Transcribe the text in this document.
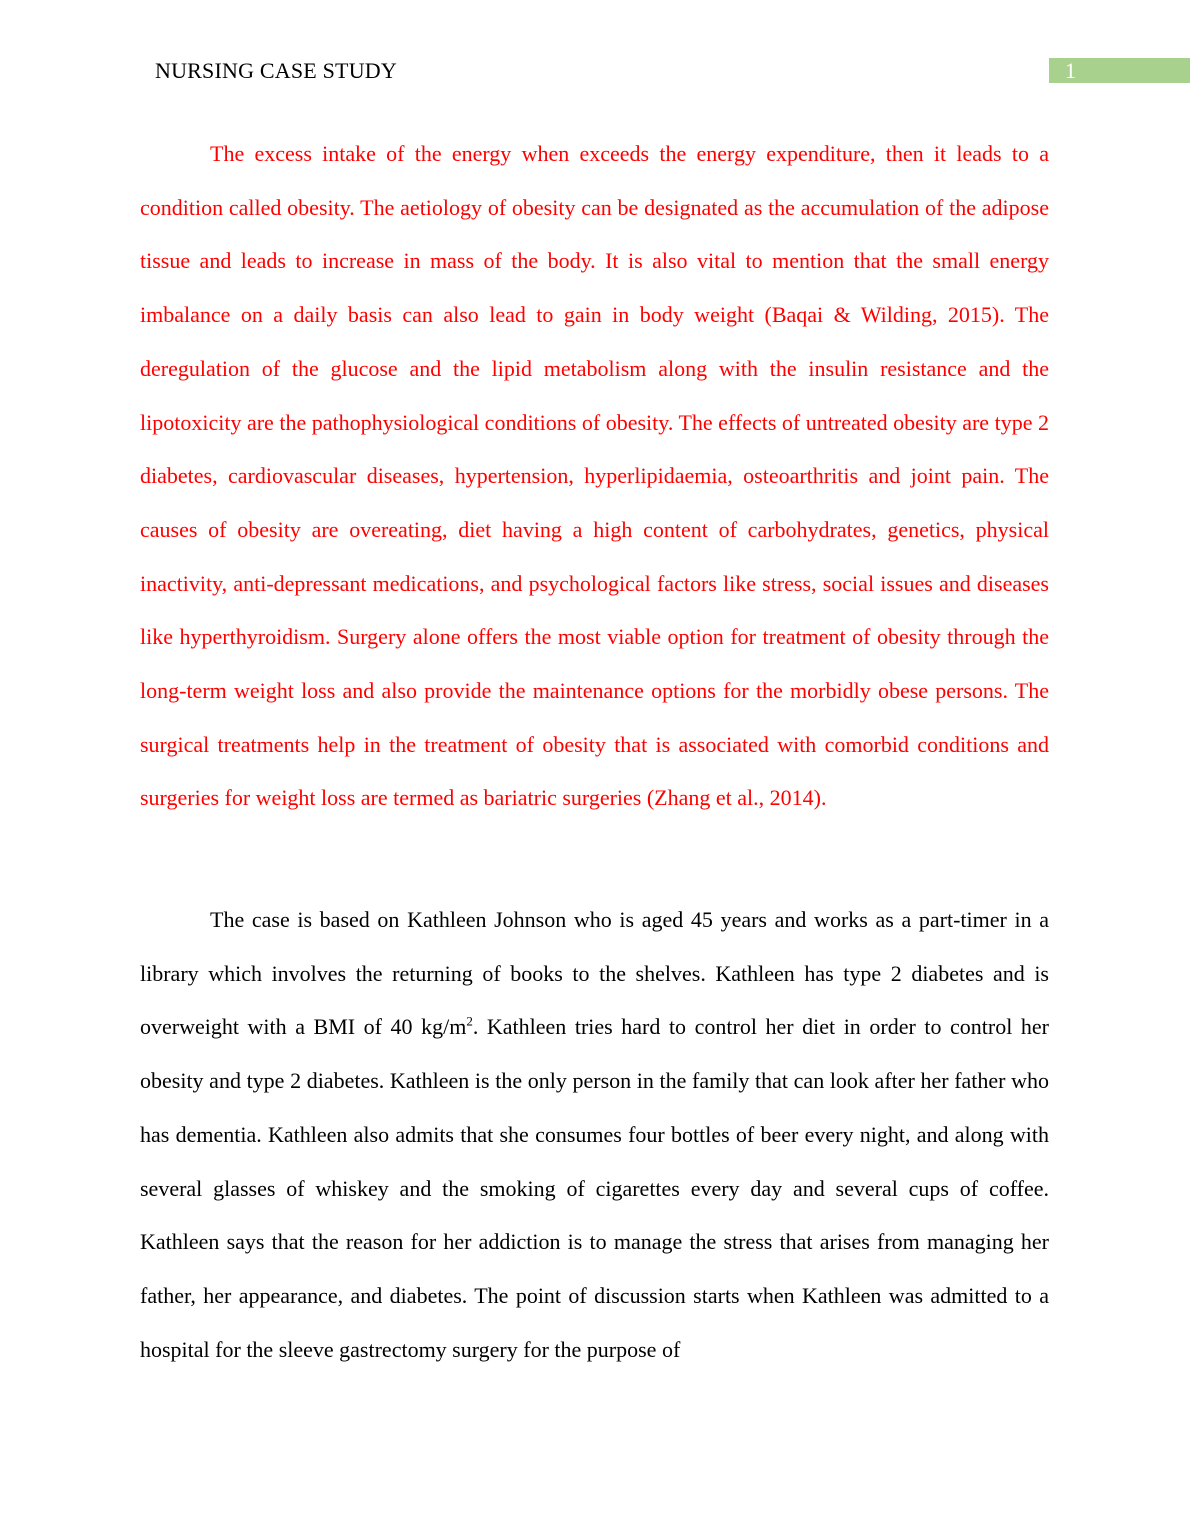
NURSING CASE STUDY	1

The excess intake of the energy when exceeds the energy expenditure, then it leads to a condition called obesity. The aetiology of obesity can be designated as the accumulation of the adipose tissue and leads to increase in mass of the body. It is also vital to mention that the small energy imbalance on a daily basis can also lead to gain in body weight (Baqai & Wilding, 2015). The deregulation of the glucose and the lipid metabolism along with the insulin resistance and the lipotoxicity are the pathophysiological conditions of obesity. The effects of untreated obesity are type 2 diabetes, cardiovascular diseases, hypertension, hyperlipidaemia, osteoarthritis and joint pain. The causes of obesity are overeating, diet having a high content of carbohydrates, genetics, physical inactivity, anti-depressant medications, and psychological factors like stress, social issues and diseases like hyperthyroidism. Surgery alone offers the most viable option for treatment of obesity through the long-term weight loss and also provide the maintenance options for the morbidly obese persons. The surgical treatments help in the treatment of obesity that is associated with comorbid conditions and surgeries for weight loss are termed as bariatric surgeries (Zhang et al., 2014).

The case is based on Kathleen Johnson who is aged 45 years and works as a part-timer in a library which involves the returning of books to the shelves. Kathleen has type 2 diabetes and is overweight with a BMI of 40 $kg/m^2$. Kathleen tries hard to control her diet in order to control her obesity and type 2 diabetes. Kathleen is the only person in the family that can look after her father who has dementia. Kathleen also admits that she consumes four bottles of beer every night, and along with several glasses of whiskey and the smoking of cigarettes every day and several cups of coffee. Kathleen says that the reason for her addiction is to manage the stress that arises from managing her father, her appearance, and diabetes. The point of discussion starts when Kathleen was admitted to a hospital for the sleeve gastrectomy surgery for the purpose of
